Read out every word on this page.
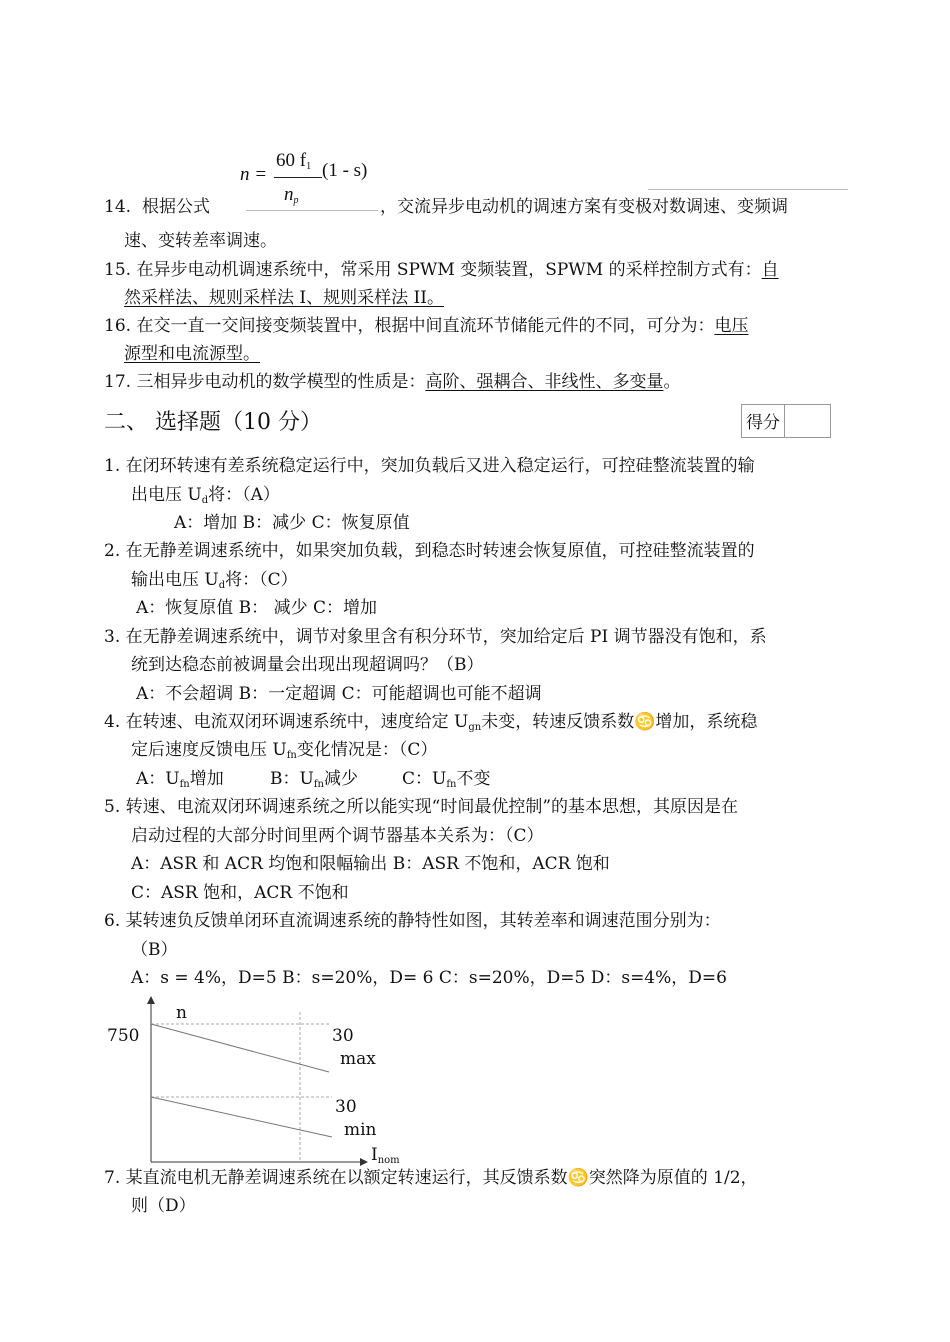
n =
60 $f_1$ (1 - s)
$n_p$
14. 根据公式	，交流异步电动机的调速方案有变极对数调速、变频调
速、变转差率调速。
15. 在异步电动机调速系统中，常采用 SPWM 变频装置，SPWM 的采样控制方式有：自
然采样法、规则采样法 I、规则采样法 II。
16. 在交一直一交间接变频装置中，根据中间直流环节储能元件的不同，可分为：电压
源型和电流源型。
17. 三相异步电动机的数学模型的性质是：高阶、强耦合、非线性、多变量。
二、 选择题（10 分）	得分
1. 在闭环转速有差系统稳定运行中，突加负载后又进入稳定运行，可控硅整流装置的输
出电压 $U_d$将：（A）
A：增加 B：减少 C：恢复原值
2. 在无静差调速系统中，如果突加负载，到稳态时转速会恢复原值，可控硅整流装置的
输出电压 $U_d$将：（C）
A：恢复原值 B： 减少 C：增加
3. 在无静差调速系统中，调节对象里含有积分环节，突加给定后 PI 调节器没有饱和，系
统到达稳态前被调量会出现出现超调吗？（B）
A：不会超调 B：一定超调 C：可能超调也可能不超调
4. 在转速、电流双闭环调速系统中，速度给定 $U_{gn}$未变，转速反馈系数♋增加，系统稳
定后速度反馈电压 $U_{fn}$变化情况是：（C）
A：$U_{fn}$增加	B：$U_{fn}$减少	C：$U_{fn}$不变
5. 转速、电流双闭环调速系统之所以能实现“时间最优控制”的基本思想，其原因是在
启动过程的大部分时间里两个调节器基本关系为：（C）
A：ASR 和 ACR 均饱和限幅输出 B：ASR 不饱和，ACR 饱和
C：ASR 饱和，ACR 不饱和
6. 某转速负反馈单闭环直流调速系统的静特性如图，其转差率和调速范围分别为：
（B）
A：s = 4%，D=5 B：s=20%，D= 6 C：s=20%，D=5 D：s=4%，D=6
n
750	30
max
30
min
$I_{nom}$
7. 某直流电机无静差调速系统在以额定转速运行，其反馈系数♋突然降为原值的 1/2，
则（D）
